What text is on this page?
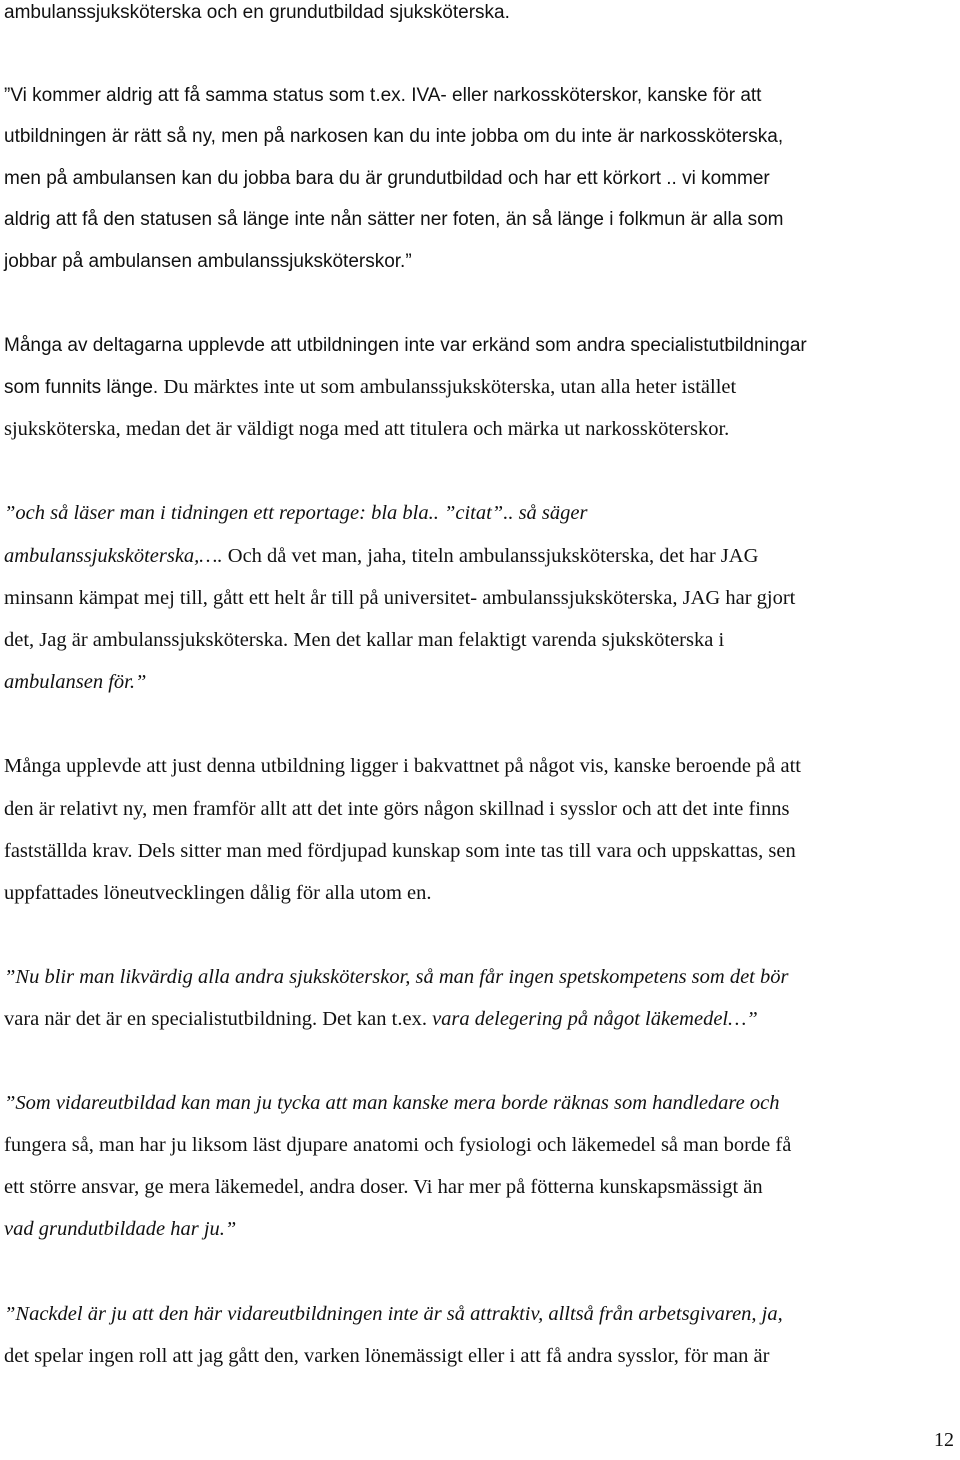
ambulanssjuksköterska och en grundutbildad sjuksköterska.
”Vi kommer aldrig att få samma status som t.ex. IVA- eller narkossköterskor, kanske för att
utbildningen är rätt så ny, men på narkosen kan du inte jobba om du inte är narkossköterska,
men på ambulansen kan du jobba bara du är grundutbildad och har ett körkort .. vi kommer
aldrig att få den statusen så länge inte nån sätter ner foten, än så länge i folkmun är alla som
jobbar på ambulansen ambulanssjuksköterskor.”
Många av deltagarna upplevde att utbildningen inte var erkänd som andra specialistutbildningar
som funnits länge. Du märktes inte ut som ambulanssjuksköterska, utan alla heter istället
sjuksköterska, medan det är väldigt noga med att titulera och märka ut narkossköterskor.
”och så läser man i tidningen ett reportage: bla bla.. ”citat”.. så säger
ambulanssjuksköterska,…. Och då vet man, jaha, titeln ambulanssjuksköterska, det har JAG
minsann kämpat mej till, gått ett helt år till på universitet- ambulanssjuksköterska, JAG har gjort
det, Jag är ambulanssjuksköterska. Men det kallar man felaktigt varenda sjuksköterska i
ambulansen för.”
Många upplevde att just denna utbildning ligger i bakvattnet på något vis, kanske beroende på att
den är relativt ny, men framför allt att det inte görs någon skillnad i sysslor och att det inte finns
fastställda krav. Dels sitter man med fördjupad kunskap som inte tas till vara och uppskattas, sen
uppfattades löneutvecklingen dålig för alla utom en.
”Nu blir man likvärdig alla andra sjuksköterskor, så man får ingen spetskompetens som det bör
vara när det är en specialistutbildning. Det kan t.ex. vara delegering på något läkemedel…”
”Som vidareutbildad kan man ju tycka att man kanske mera borde räknas som handledare och
fungera så, man har ju liksom läst djupare anatomi och fysiologi och läkemedel så man borde få
ett större ansvar, ge mera läkemedel, andra doser. Vi har mer på fötterna kunskapsmässigt än
vad grundutbildade har ju.”
”Nackdel är ju att den här vidareutbildningen inte är så attraktiv, alltså från arbetsgivaren, ja,
det spelar ingen roll att jag gått den, varken lönemässigt eller i att få andra sysslor, för man är
12
